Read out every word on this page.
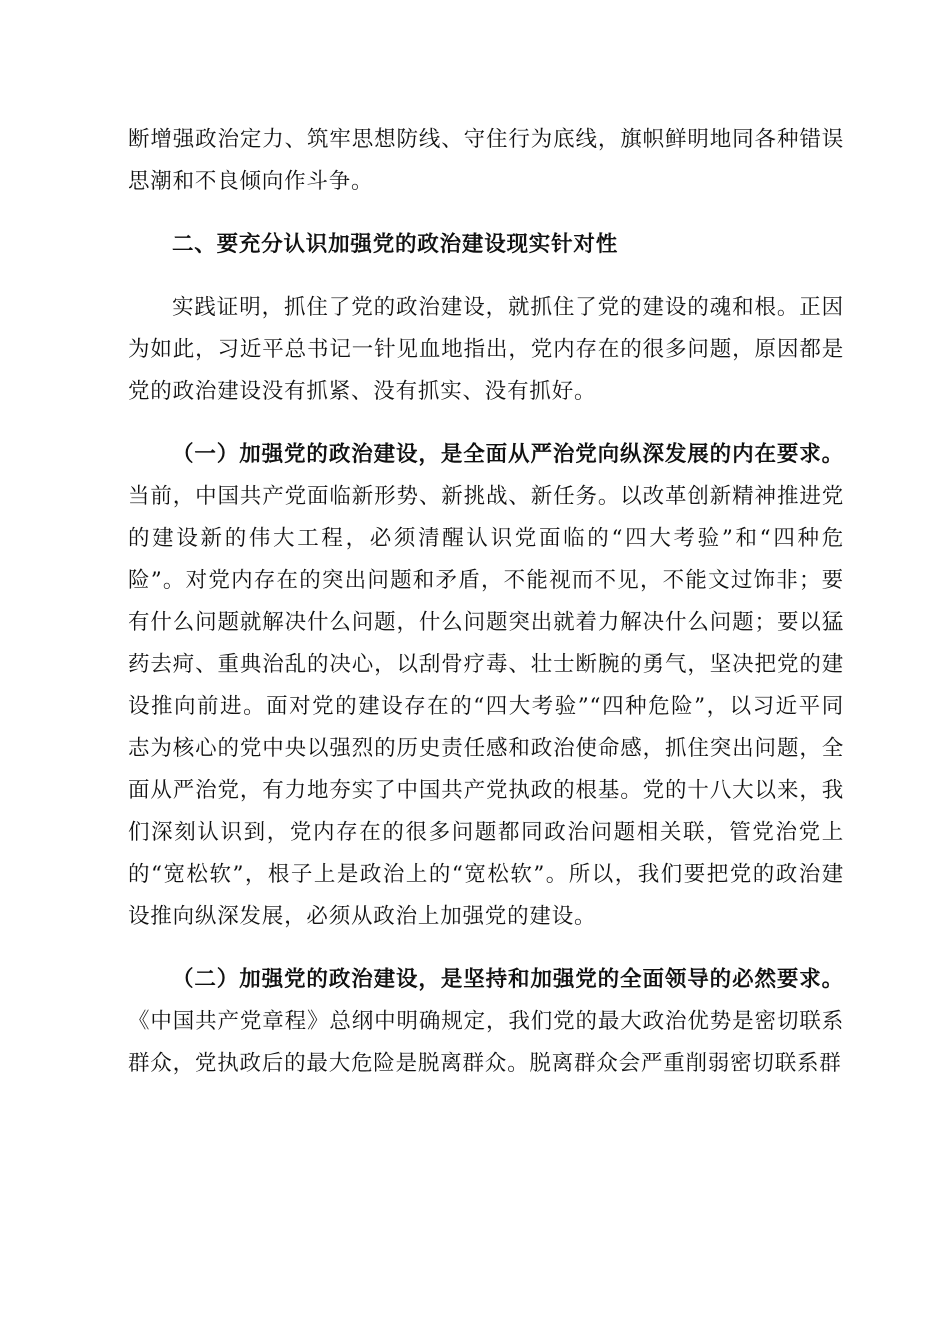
断增强政治定力、筑牢思想防线、守住行为底线，旗帜鲜明地同各种错误思潮和不良倾向作斗争。

二、要充分认识加强党的政治建设现实针对性

实践证明，抓住了党的政治建设，就抓住了党的建设的魂和根。正因为如此，习近平总书记一针见血地指出，党内存在的很多问题，原因都是党的政治建设没有抓紧、没有抓实、没有抓好。

（一）加强党的政治建设，是全面从严治党向纵深发展的内在要求。当前，中国共产党面临新形势、新挑战、新任务。以改革创新精神推进党的建设新的伟大工程，必须清醒认识党面临的“四大考验”和“四种危险”。对党内存在的突出问题和矛盾，不能视而不见，不能文过饰非；要有什么问题就解决什么问题，什么问题突出就着力解决什么问题；要以猛药去疴、重典治乱的决心，以刮骨疗毒、壮士断腕的勇气，坚决把党的建设推向前进。面对党的建设存在的“四大考验”“四种危险”，以习近平同志为核心的党中央以强烈的历史责任感和政治使命感，抓住突出问题，全面从严治党，有力地夯实了中国共产党执政的根基。党的十八大以来，我们深刻认识到，党内存在的很多问题都同政治问题相关联，管党治党上的“宽松软”，根子上是政治上的“宽松软”。所以，我们要把党的政治建设推向纵深发展，必须从政治上加强党的建设。

（二）加强党的政治建设，是坚持和加强党的全面领导的必然要求。《中国共产党章程》总纲中明确规定，我们党的最大政治优势是密切联系群众，党执政后的最大危险是脱离群众。脱离群众会严重削弱密切联系群
